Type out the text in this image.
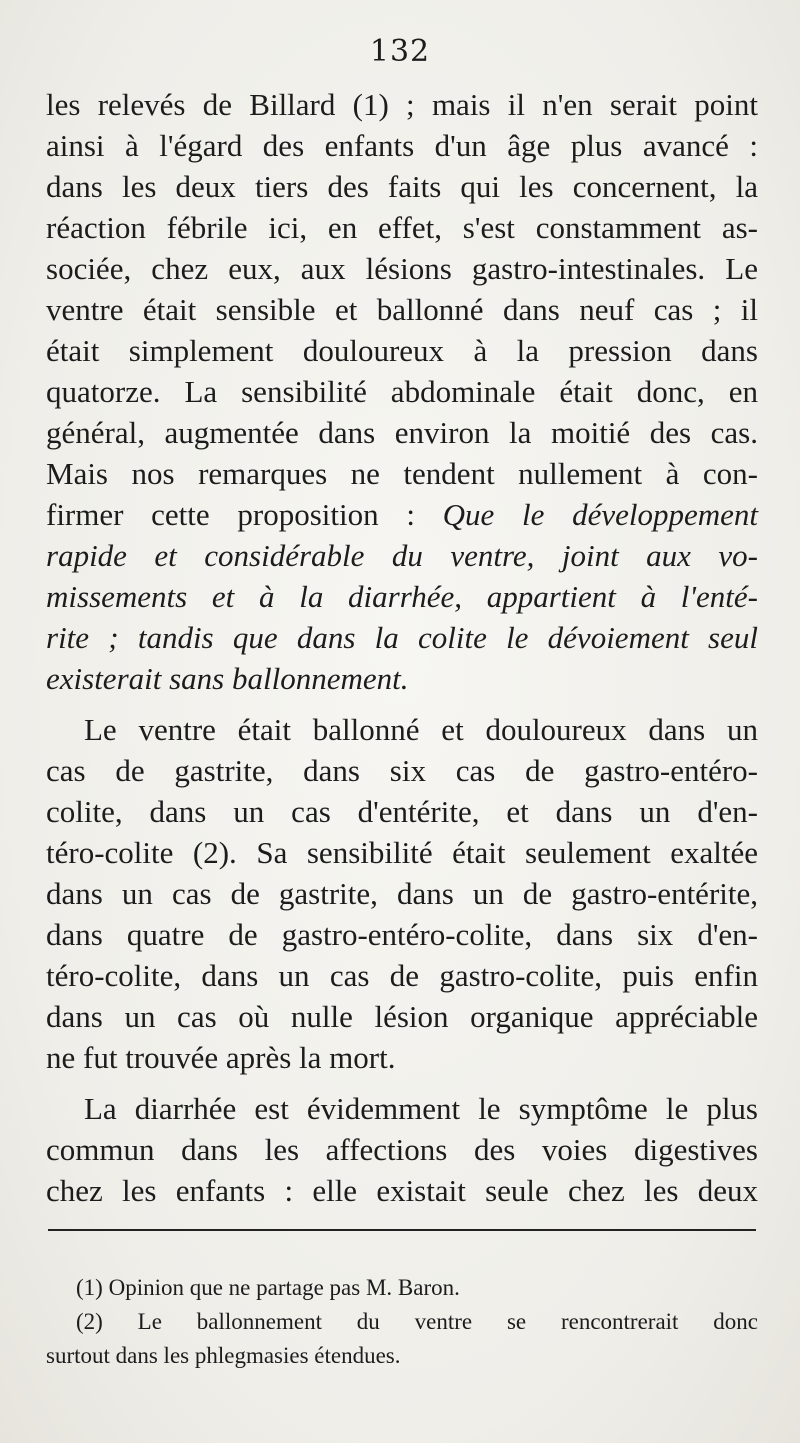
132
les relevés de Billard (1) ; mais il n'en serait point
ainsi à l'égard des enfants d'un âge plus avancé :
dans les deux tiers des faits qui les concernent, la
réaction fébrile ici, en effet, s'est constamment as-
sociée, chez eux, aux lésions gastro-intestinales. Le
ventre était sensible et ballonné dans neuf cas ; il
était simplement douloureux à la pression dans
quatorze. La sensibilité abdominale était donc, en
général, augmentée dans environ la moitié des cas.
Mais nos remarques ne tendent nullement à con-
firmer cette proposition : Que le développement
rapide et considérable du ventre, joint aux vo-
missements et à la diarrhée, appartient à l'enté-
rite ; tandis que dans la colite le dévoiement seul
existerait sans ballonnement.
Le ventre était ballonné et douloureux dans un
cas de gastrite, dans six cas de gastro-entéro-
colite, dans un cas d'entérite, et dans un d'en-
téro-colite (2). Sa sensibilité était seulement exaltée
dans un cas de gastrite, dans un de gastro-entérite,
dans quatre de gastro-entéro-colite, dans six d'en-
téro-colite, dans un cas de gastro-colite, puis enfin
dans un cas où nulle lésion organique appréciable
ne fut trouvée après la mort.
La diarrhée est évidemment le symptôme le plus
commun dans les affections des voies digestives
chez les enfants : elle existait seule chez les deux
(1) Opinion que ne partage pas M. Baron.
(2) Le ballonnement du ventre se rencontrerait donc
surtout dans les phlegmasies étendues.
